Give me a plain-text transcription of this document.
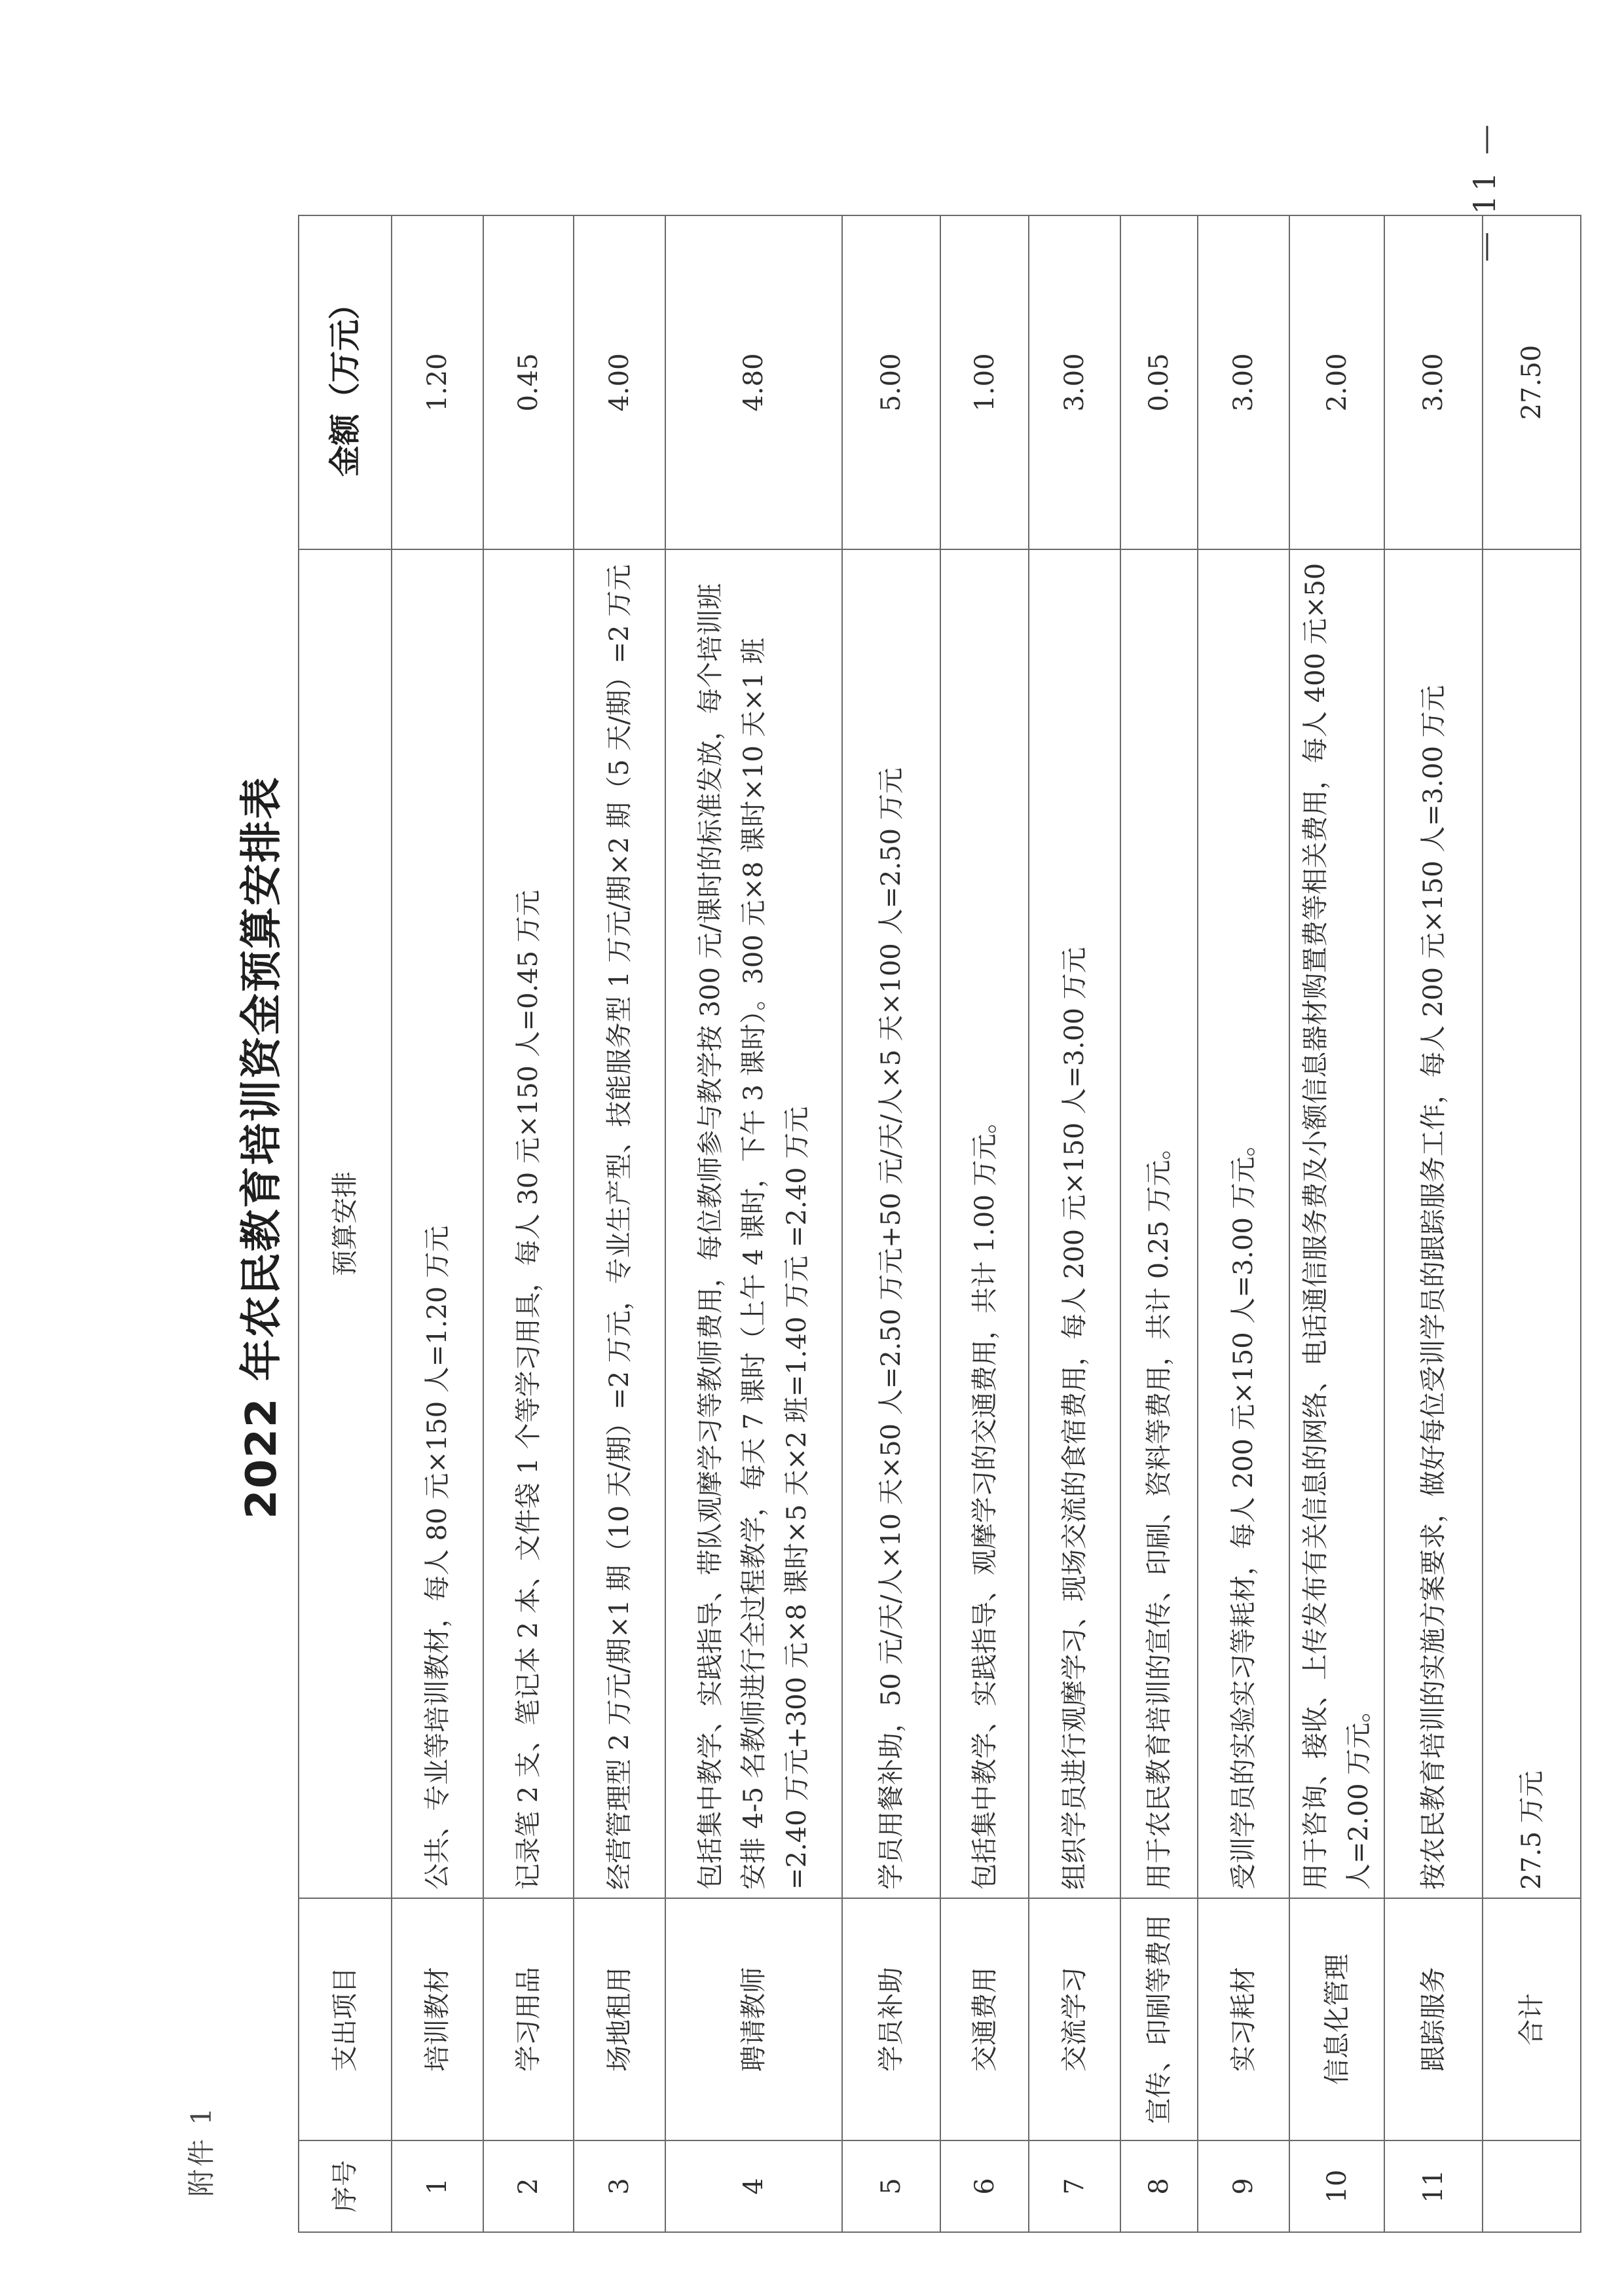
附件 1
2022 年农民教育培训资金预算安排表
序号	支出项目	预算安排	金额（万元）
1	培训教材	公共、专业等培训教材，每人 80 元×150 人=1.20 万元	1.20
2	学习用品	记录笔 2 支、笔记本 2 本、文件袋 1 个等学习用具，每人 30 元×150 人=0.45 万元	0.45
3	场地租用	经营管理型 2 万元/期×1 期（10 天/期）=2 万元，专业生产型、技能服务型 1 万元/期×2 期（5 天/期）=2 万元	4.00
4	聘请教师	包括集中教学、实践指导、带队观摩学习等教师费用，每位教师参与教学按 300 元/课时的标准发放，每个培训班安排 4-5 名教师进行全过程教学，每天 7 课时（上午 4 课时，下午 3 课时）。300 元×8 课时×10 天×1 班=2.40 万元+300 元×8 课时×5 天×2 班=1.40 万元 =2.40 万元	4.80
5	学员补助	学员用餐补助，50 元/天/人×10 天×50 人=2.50 万元+50 元/天/人×5 天×100 人=2.50 万元	5.00
6	交通费用	包括集中教学、实践指导、观摩学习的交通费用，共计 1.00 万元。	1.00
7	交流学习	组织学员进行观摩学习、现场交流的食宿费用，每人 200 元×150 人=3.00 万元	3.00
8	宣传、印刷等费用	用于农民教育培训的宣传、印刷、资料等费用，共计 0.25 万元。	0.05
9	实习耗材	受训学员的实验实习等耗材，每人 200 元×150 人=3.00 万元。	3.00
10	信息化管理	用于咨询、接收、上传发布有关信息的网络、电话通信服务费及小额信息器材购置费等相关费用，每人 400 元×50 人=2.00 万元。	2.00
11	跟踪服务	按农民教育培训的实施方案要求，做好每位受训学员的跟踪服务工作，每人 200 元×150 人=3.00 万元	3.00
	合计	27.5 万元	27.50
— 11 —
